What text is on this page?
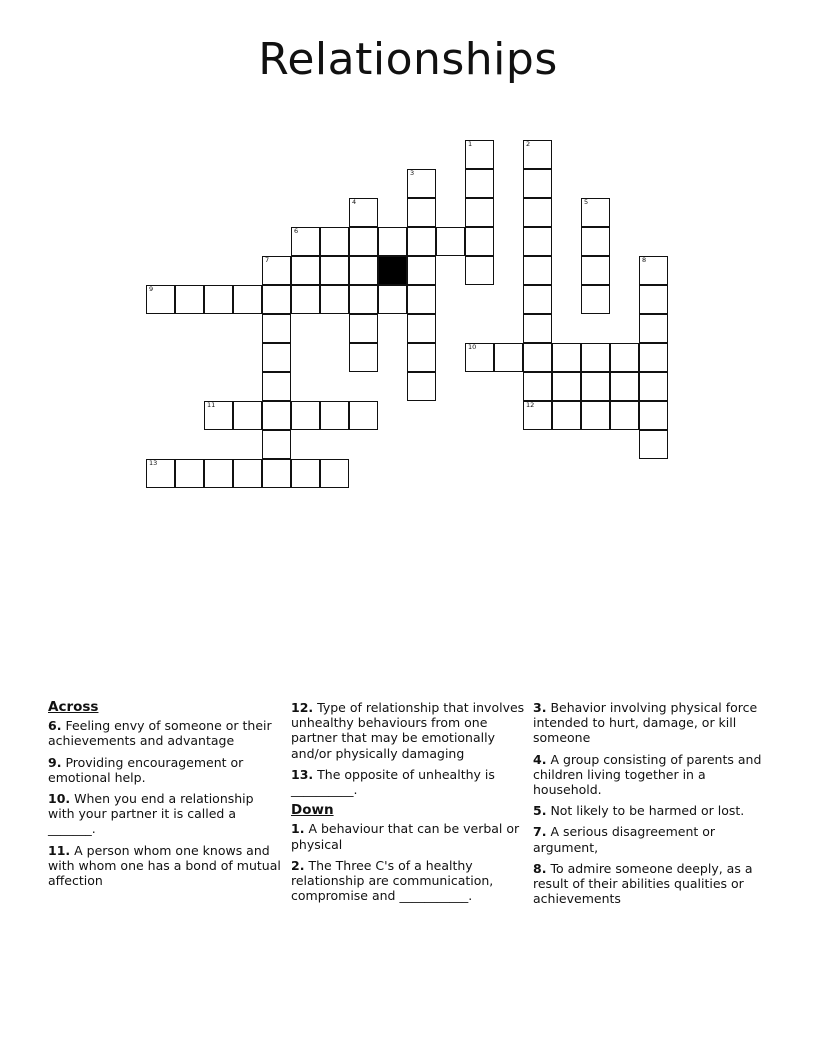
Relationships
6
9
10
11	12
13
1	2
3
4	5
7	8
Across
6. Feeling envy of someone or their achievements and advantage
9. Providing encouragement or emotional help.
10. When you end a relationship with your partner it is called a _______.
11. A person whom one knows and with whom one has a bond of mutual affection
12. Type of relationship that involves unhealthy behaviours from one partner that may be emotionally and/or physically damaging
13. The opposite of unhealthy is __________.
Down
1. A behaviour that can be verbal or physical
2. The Three C's of a healthy relationship are communication, compromise and ___________.
3. Behavior involving physical force intended to hurt, damage, or kill someone
4. A group consisting of parents and children living together in a household.
5. Not likely to be harmed or lost.
7. A serious disagreement or argument,
8. To admire someone deeply, as a result of their abilities qualities or achievements
